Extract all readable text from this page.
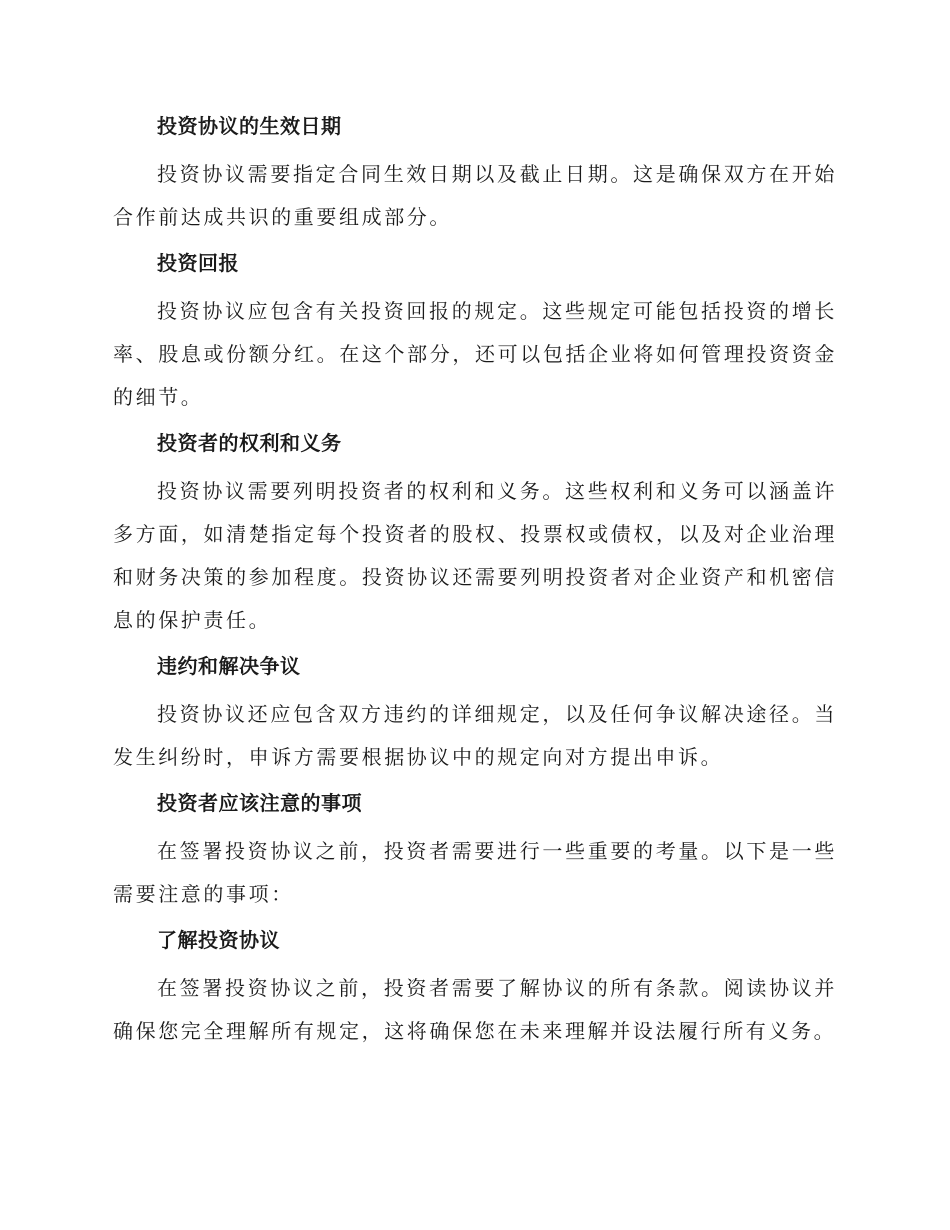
投资协议的生效日期
投资协议需要指定合同生效日期以及截止日期。这是确保双方在开始合作前达成共识的重要组成部分。
投资回报
投资协议应包含有关投资回报的规定。这些规定可能包括投资的增长率、股息或份额分红。在这个部分，还可以包括企业将如何管理投资资金的细节。
投资者的权利和义务
投资协议需要列明投资者的权利和义务。这些权利和义务可以涵盖许多方面，如清楚指定每个投资者的股权、投票权或债权，以及对企业治理和财务决策的参加程度。投资协议还需要列明投资者对企业资产和机密信息的保护责任。
违约和解决争议
投资协议还应包含双方违约的详细规定，以及任何争议解决途径。当发生纠纷时，申诉方需要根据协议中的规定向对方提出申诉。
投资者应该注意的事项
在签署投资协议之前，投资者需要进行一些重要的考量。以下是一些需要注意的事项：
了解投资协议
在签署投资协议之前，投资者需要了解协议的所有条款。阅读协议并确保您完全理解所有规定，这将确保您在未来理解并设法履行所有义务。
